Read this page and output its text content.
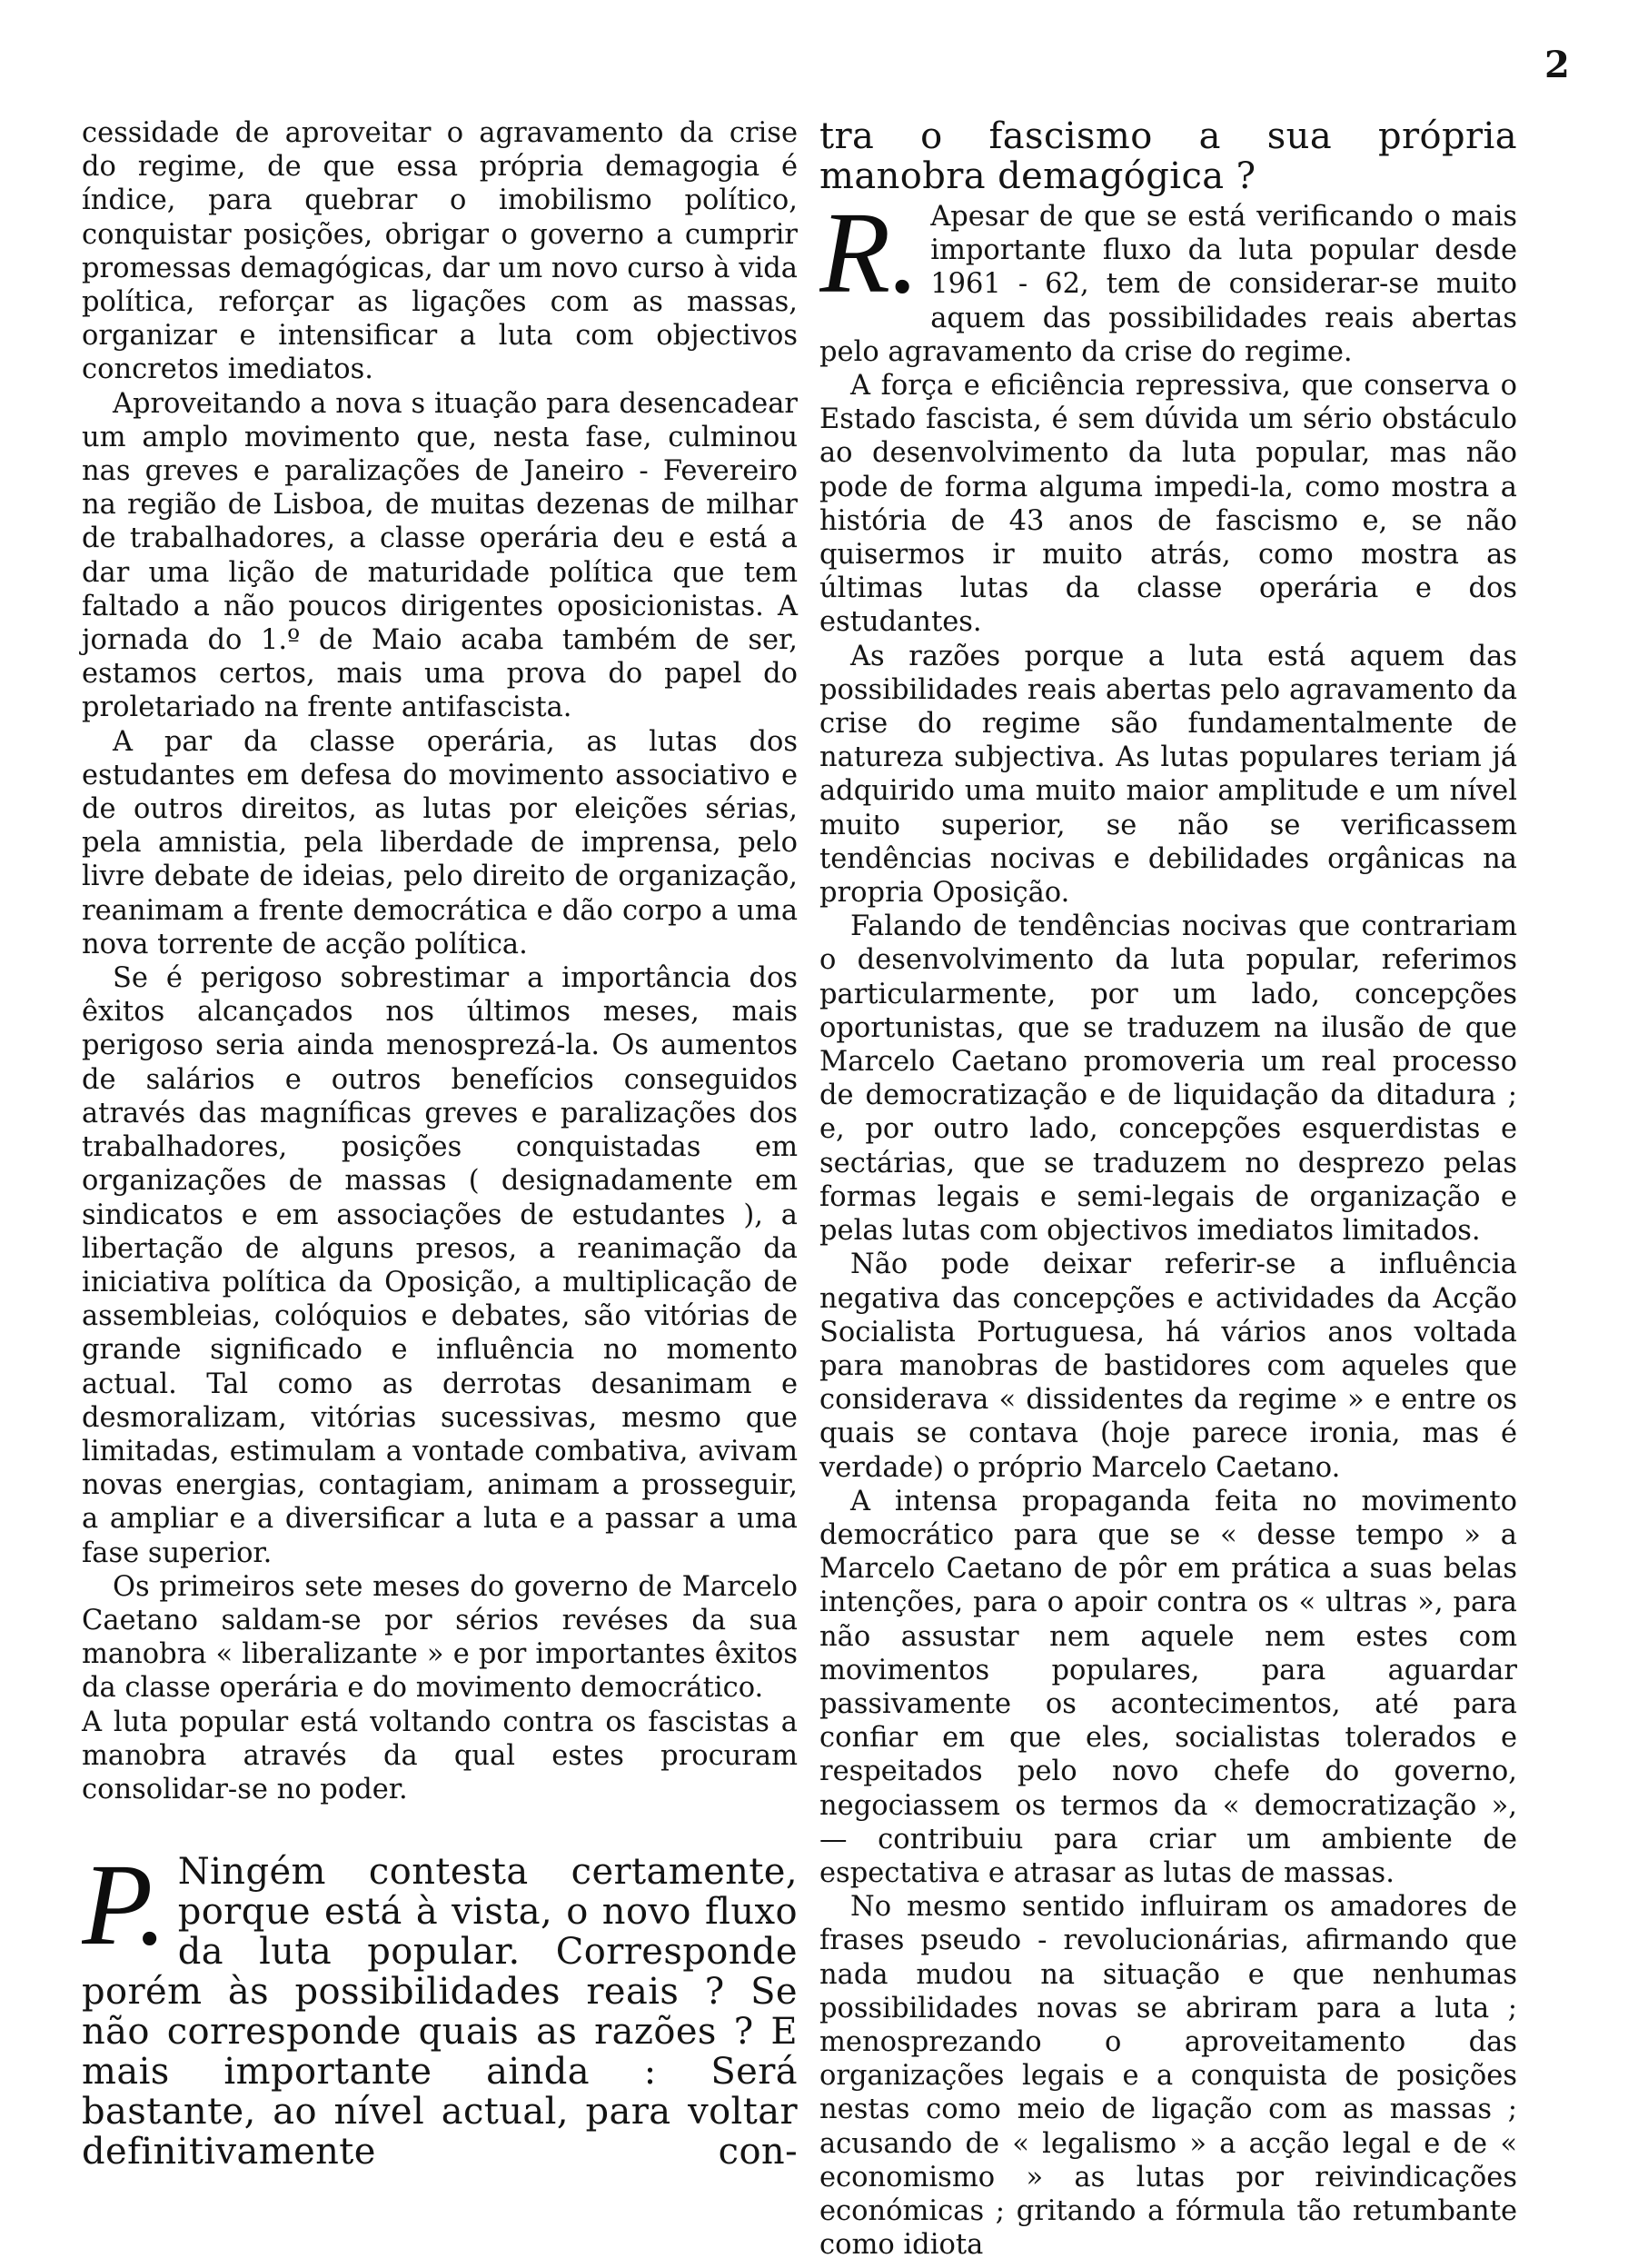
2

cessidade de aproveitar o agravamento da crise do regime, de que essa própria demagogia é índice, para quebrar o imobilismo político, conquistar posições, obrigar o governo a cumprir promessas demagógicas, dar um novo curso à vida política, reforçar as ligações com as massas, organizar e intensificar a luta com objectivos concretos imediatos.

Aproveitando a nova s ituação para desencadear um amplo movimento que, nesta fase, culminou nas greves e paralizações de Janeiro - Fevereiro na região de Lisboa, de muitas dezenas de milhar de trabalhadores, a classe operária deu e está a dar uma lição de maturidade política que tem faltado a não poucos dirigentes oposicionistas. A jornada do 1.º de Maio acaba também de ser, estamos certos, mais uma prova do papel do proletariado na frente antifascista.

A par da classe operária, as lutas dos estudantes em defesa do movimento associativo e de outros direitos, as lutas por eleições sérias, pela amnistia, pela liberdade de imprensa, pelo livre debate de ideias, pelo direito de organização, reanimam a frente democrática e dão corpo a uma nova torrente de acção política.

Se é perigoso sobrestimar a importância dos êxitos alcançados nos últimos meses, mais perigoso seria ainda menosprezá-la. Os aumentos de salários e outros benefícios conseguidos através das magníficas greves e paralizações dos trabalhadores, posições conquistadas em organizações de massas ( designadamente em sindicatos e em associações de estudantes ), a libertação de alguns presos, a reanimação da iniciativa política da Oposição, a multiplicação de assembleias, colóquios e debates, são vitórias de grande significado e influência no momento actual. Tal como as derrotas desanimam e desmoralizam, vitórias sucessivas, mesmo que limitadas, estimulam a vontade combativa, avivam novas energias, contagiam, animam a prosseguir, a ampliar e a diversificar a luta e a passar a uma fase superior.

Os primeiros sete meses do governo de Marcelo Caetano saldam-se por sérios revéses da sua manobra « liberalizante » e por importantes êxitos da classe operária e do movimento democrático.

A luta popular está voltando contra os fascistas a manobra através da qual estes procuram consolidar-se no poder.

P. Ningém contesta certamente, porque está à vista, o novo fluxo da luta popular. Corresponde porém às possibilidades reais ? Se não corresponde quais as razões ? E mais importante ainda : Será bastante, ao nível actual, para voltar definitivamente con-

tra o fascismo a sua própria manobra demagógica ?

R. Apesar de que se está verificando o mais importante fluxo da luta popular desde 1961 - 62, tem de considerar-se muito aquem das possibilidades reais abertas pelo agravamento da crise do regime.

A força e eficiência repressiva, que conserva o Estado fascista, é sem dúvida um sério obstáculo ao desenvolvimento da luta popular, mas não pode de forma alguma impedi-la, como mostra a história de 43 anos de fascismo e, se não quisermos ir muito atrás, como mostra as últimas lutas da classe operária e dos estudantes.

As razões porque a luta está aquem das possibilidades reais abertas pelo agravamento da crise do regime são fundamentalmente de natureza subjectiva. As lutas populares teriam já adquirido uma muito maior amplitude e um nível muito superior, se não se verificassem tendências nocivas e debilidades orgânicas na propria Oposição.

Falando de tendências nocivas que contrariam o desenvolvimento da luta popular, referimos particularmente, por um lado, concepções oportunistas, que se traduzem na ilusão de que Marcelo Caetano promoveria um real processo de democratização e de liquidação da ditadura ; e, por outro lado, concepções esquerdistas e sectárias, que se traduzem no desprezo pelas formas legais e semi-legais de organização e pelas lutas com objectivos imediatos limitados.

Não pode deixar referir-se a influência negativa das concepções e actividades da Acção Socialista Portuguesa, há vários anos voltada para manobras de bastidores com aqueles que considerava « dissidentes da regime » e entre os quais se contava (hoje parece ironia, mas é verdade) o próprio Marcelo Caetano.

A intensa propaganda feita no movimento democrático para que se « desse tempo » a Marcelo Caetano de pôr em prática a suas belas intenções, para o apoir contra os « ultras », para não assustar nem aquele nem estes com movimentos populares, para aguardar passivamente os acontecimentos, até para confiar em que eles, socialistas tolerados e respeitados pelo novo chefe do governo, negociassem os termos da « democratização », — contribuiu para criar um ambiente de espectativa e atrasar as lutas de massas.

No mesmo sentido influiram os amadores de frases pseudo - revolucionárias, afirmando que nada mudou na situação e que nenhumas possibilidades novas se abriram para a luta ; menosprezando o aproveitamento das organizações legais e a conquista de posições nestas como meio de ligação com as massas ; acusando de « legalismo » a acção legal e de « economismo » as lutas por reivindicações económicas ; gritando a fórmula tão retumbante como idiota
